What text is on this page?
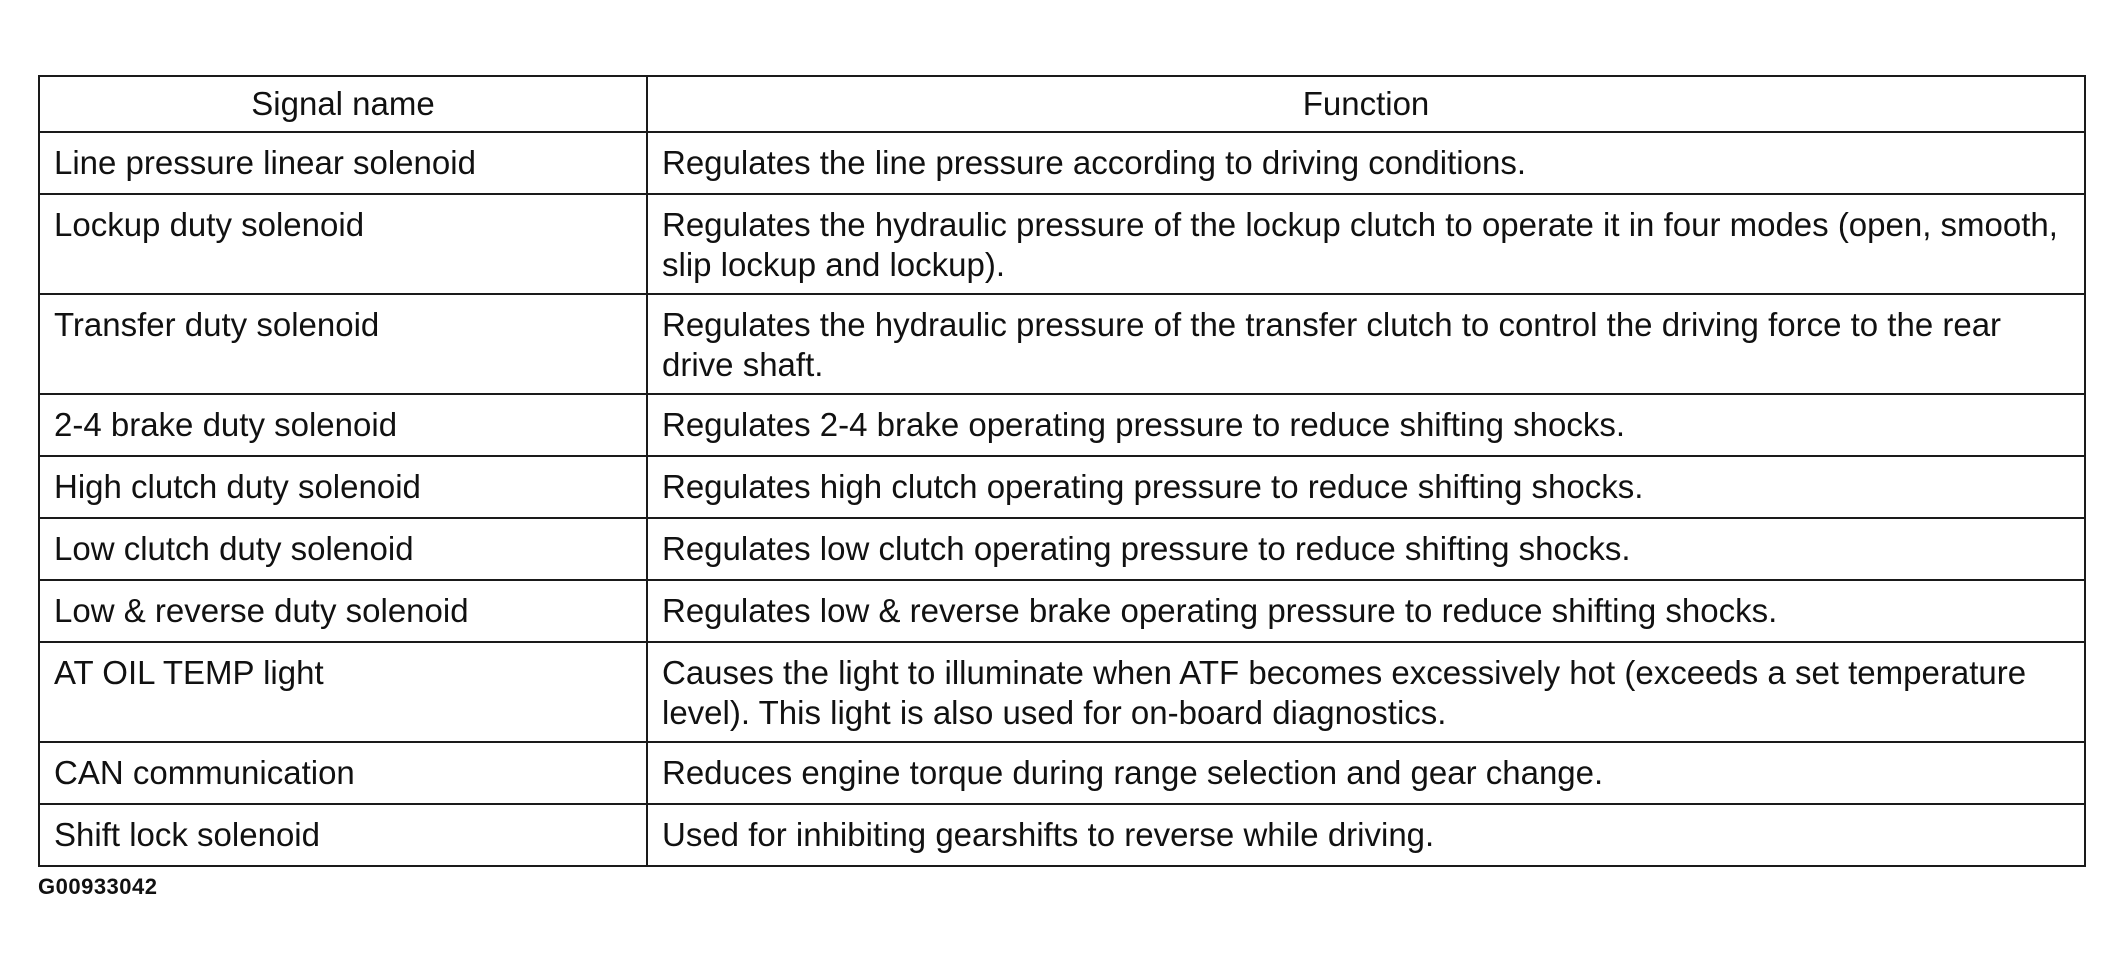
Signal name	Function
Line pressure linear solenoid	Regulates the line pressure according to driving conditions.
Lockup duty solenoid	Regulates the hydraulic pressure of the lockup clutch to operate it in four modes (open, smooth, slip lockup and lockup).
Transfer duty solenoid	Regulates the hydraulic pressure of the transfer clutch to control the driving force to the rear drive shaft.
2-4 brake duty solenoid	Regulates 2-4 brake operating pressure to reduce shifting shocks.
High clutch duty solenoid	Regulates high clutch operating pressure to reduce shifting shocks.
Low clutch duty solenoid	Regulates low clutch operating pressure to reduce shifting shocks.
Low & reverse duty solenoid	Regulates low & reverse brake operating pressure to reduce shifting shocks.
AT OIL TEMP light	Causes the light to illuminate when ATF becomes excessively hot (exceeds a set temperature level). This light is also used for on-board diagnostics.
CAN communication	Reduces engine torque during range selection and gear change.
Shift lock solenoid	Used for inhibiting gearshifts to reverse while driving.
G00933042
